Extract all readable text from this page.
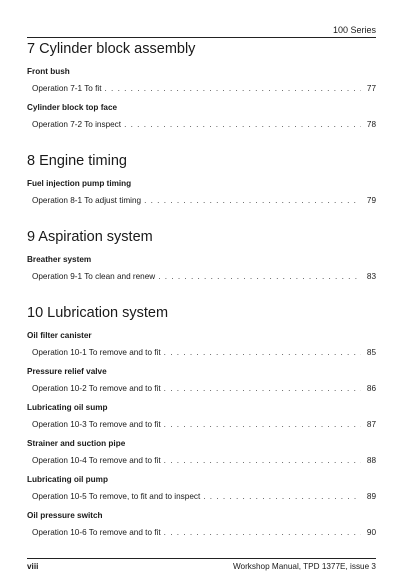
100 Series
7 Cylinder block assembly
Front bush
Operation 7-1 To fit . . .	77
Cylinder block top face
Operation 7-2 To inspect . . .	78
8 Engine timing
Fuel injection pump timing
Operation 8-1 To adjust timing . . .	79
9 Aspiration system
Breather system
Operation 9-1 To clean and renew . . .	83
10 Lubrication system
Oil filter canister
Operation 10-1 To remove and to fit . . .	85
Pressure relief valve
Operation 10-2 To remove and to fit . . .	86
Lubricating oil sump
Operation 10-3 To remove and to fit . . .	87
Strainer and suction pipe
Operation 10-4 To remove and to fit . . .	88
Lubricating oil pump
Operation 10-5 To remove, to fit and to inspect . . .	89
Oil pressure switch
Operation 10-6 To remove and to fit . . .	90
viii	Workshop Manual, TPD 1377E, issue 3
